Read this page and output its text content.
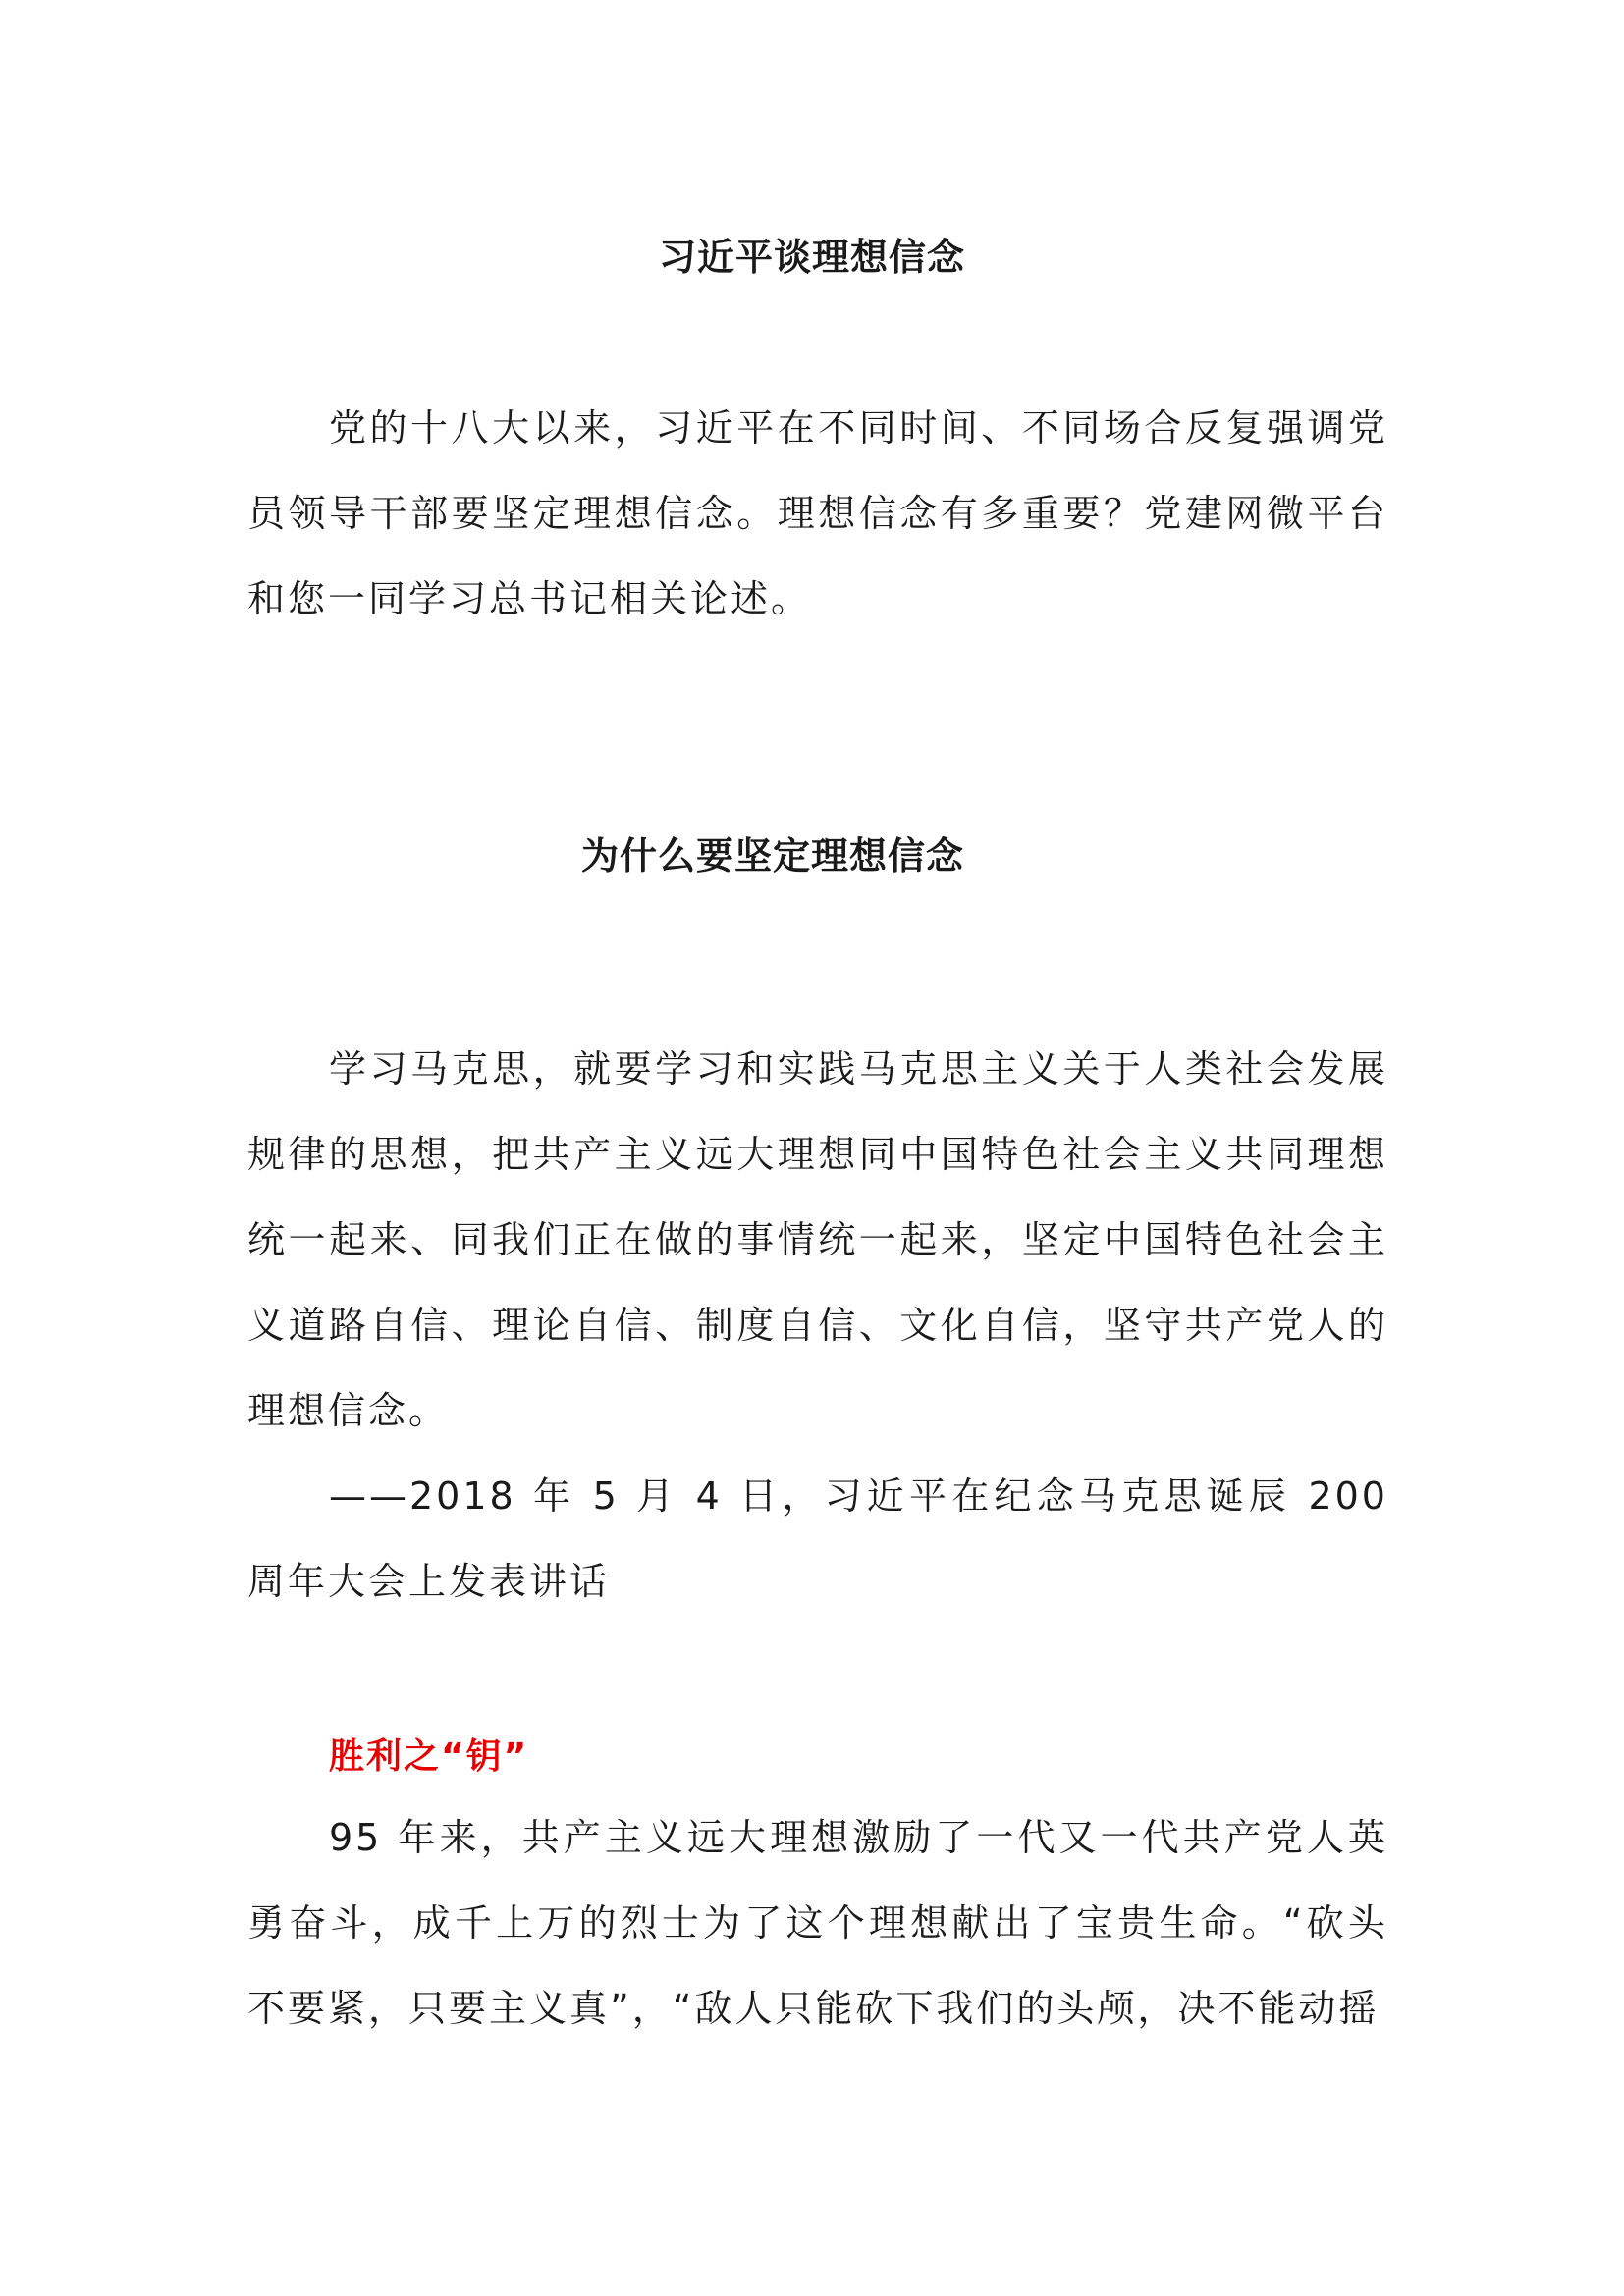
习近平谈理想信念

党的十八大以来，习近平在不同时间、不同场合反复强调党员领导干部要坚定理想信念。理想信念有多重要？党建网微平台和您一同学习总书记相关论述。

为什么要坚定理想信念

学习马克思，就要学习和实践马克思主义关于人类社会发展规律的思想，把共产主义远大理想同中国特色社会主义共同理想统一起来、同我们正在做的事情统一起来，坚定中国特色社会主义道路自信、理论自信、制度自信、文化自信，坚守共产党人的理想信念。

——2018 年 5 月 4 日，习近平在纪念马克思诞辰 200 周年大会上发表讲话

胜利之“钥”

95 年来，共产主义远大理想激励了一代又一代共产党人英勇奋斗，成千上万的烈士为了这个理想献出了宝贵生命。“砍头不要紧，只要主义真”，“敌人只能砍下我们的头颅，决不能动摇
